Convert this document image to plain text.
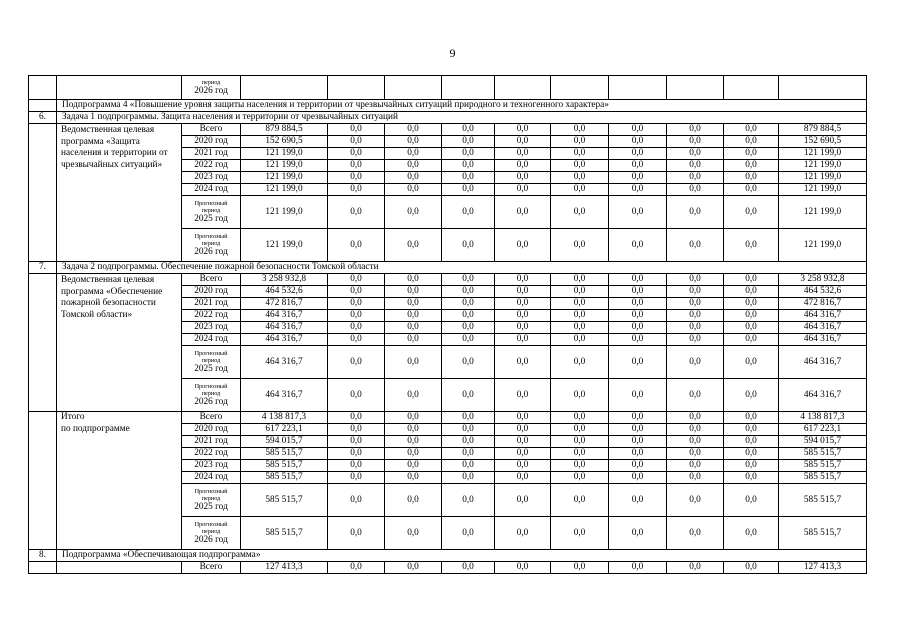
9

		период
2026 год										

	Подпрограмма 4 «Повышение уровня защиты населения и территории от чрезвычайных ситуаций природного и техногенного характера»											
6.	Задача 1 подпрограммы. Защита населения и территории от чрезвычайных ситуаций											
	Ведомственная целевая программа «Защита населения и территории от чрезвычайных ситуаций»	Всего	879 884,5	0,0	0,0	0,0	0,0	0,0	0,0	0,0	0,0	879 884,5
		2020 год	152 690,5	0,0	0,0	0,0	0,0	0,0	0,0	0,0	0,0	152 690,5
		2021 год	121 199,0	0,0	0,0	0,0	0,0	0,0	0,0	0,0	0,0	121 199,0
		2022 год	121 199,0	0,0	0,0	0,0	0,0	0,0	0,0	0,0	0,0	121 199,0
		2023 год	121 199,0	0,0	0,0	0,0	0,0	0,0	0,0	0,0	0,0	121 199,0
		2024 год	121 199,0	0,0	0,0	0,0	0,0	0,0	0,0	0,0	0,0	121 199,0

		Прогнозный
период
2025 год	121 199,0	0,0	0,0	0,0	0,0	0,0	0,0	0,0	0,0	121 199,0

		Прогнозный
период
2026 год	121 199,0	0,0	0,0	0,0	0,0	0,0	0,0	0,0	0,0	121 199,0
7.	Задача 2 подпрограммы. Обеспечение пожарной безопасности Томской области											
	Ведомственная целевая программа «Обеспечение пожарной безопасности Томской области»	Всего	3 258 932,8	0,0	0,0	0,0	0,0	0,0	0,0	0,0	0,0	3 258 932,8
		2020 год	464 532,6	0,0	0,0	0,0	0,0	0,0	0,0	0,0	0,0	464 532,6
		2021 год	472 816,7	0,0	0,0	0,0	0,0	0,0	0,0	0,0	0,0	472 816,7
		2022 год	464 316,7	0,0	0,0	0,0	0,0	0,0	0,0	0,0	0,0	464 316,7
		2023 год	464 316,7	0,0	0,0	0,0	0,0	0,0	0,0	0,0	0,0	464 316,7
		2024 год	464 316,7	0,0	0,0	0,0	0,0	0,0	0,0	0,0	0,0	464 316,7

		Прогнозный
период
2025 год	464 316,7	0,0	0,0	0,0	0,0	0,0	0,0	0,0	0,0	464 316,7

		Прогнозный
период
2026 год	464 316,7	0,0	0,0	0,0	0,0	0,0	0,0	0,0	0,0	464 316,7

	Итого
по подпрограмме	Всего	4 138 817,3	0,0	0,0	0,0	0,0	0,0	0,0	0,0	0,0	4 138 817,3
		2020 год	617 223,1	0,0	0,0	0,0	0,0	0,0	0,0	0,0	0,0	617 223,1
		2021 год	594 015,7	0,0	0,0	0,0	0,0	0,0	0,0	0,0	0,0	594 015,7
		2022 год	585 515,7	0,0	0,0	0,0	0,0	0,0	0,0	0,0	0,0	585 515,7
		2023 год	585 515,7	0,0	0,0	0,0	0,0	0,0	0,0	0,0	0,0	585 515,7
		2024 год	585 515,7	0,0	0,0	0,0	0,0	0,0	0,0	0,0	0,0	585 515,7

		Прогнозный
период
2025 год	585 515,7	0,0	0,0	0,0	0,0	0,0	0,0	0,0	0,0	585 515,7

		Прогнозный
период
2026 год	585 515,7	0,0	0,0	0,0	0,0	0,0	0,0	0,0	0,0	585 515,7
8.	Подпрограмма «Обеспечивающая подпрограмма»											
		Всего	127 413,3	0,0	0,0	0,0	0,0	0,0	0,0	0,0	0,0	127 413,3
